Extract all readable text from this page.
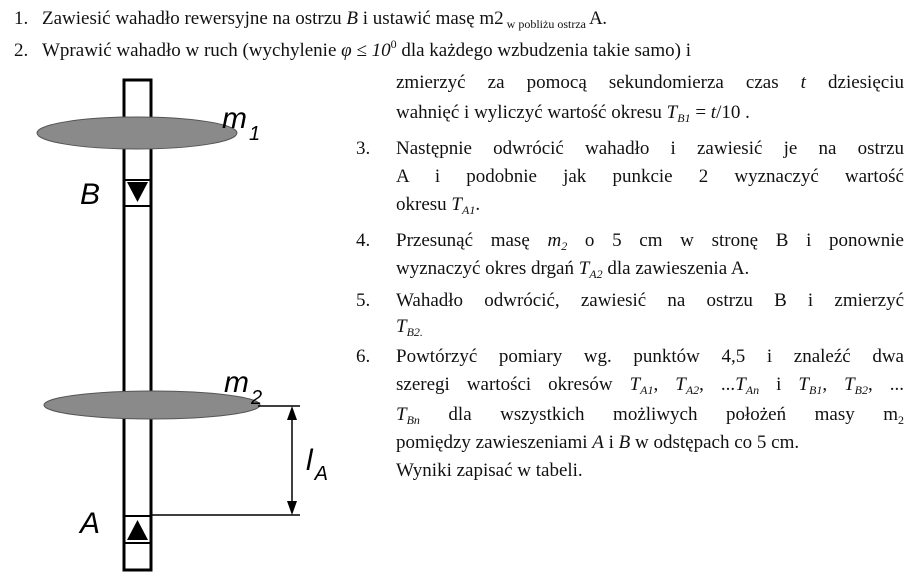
1. Zawiesić wahadło rewersyjne na ostrzu B i ustawić masę m2 $_{w pobliżu ostrza}$ A.
2. Wprawić wahadło w ruch (wychylenie $\varphi \le 10^0$ dla każdego wzbudzenia takie samo) i
zmierzyć za pomocą sekundomierza czas t dziesięciu
wahnięć i wyliczyć wartość okresu $T_{B1} = t/10$ .
3. Następnie odwrócić wahadło i zawiesić je na ostrzu
A i podobnie jak punkcie 2 wyznaczyć wartość
okresu $T_{A1}$.
4. Przesunąć masę $m_2$ o 5 cm w stronę B i ponownie
wyznaczyć okres drgań $T_{A2}$ dla zawieszenia A.
5. Wahadło odwrócić, zawiesić na ostrzu B i zmierzyć
$T_{B2.}$
6. Powtórzyć pomiary wg. punktów 4,5 i znaleźć dwa
szeregi wartości okresów $T_{A1}$, $T_{A2}$, $...T_{An}$ i $T_{B1}$, $T_{B2}$, ...
$T_{Bn}$ dla wszystkich możliwych położeń masy $m_2$
pomiędzy zawieszeniami A i B w odstępach co 5 cm.
Wyniki zapisać w tabeli.
m $_1$
B
m $_2$
l $_A$
A
